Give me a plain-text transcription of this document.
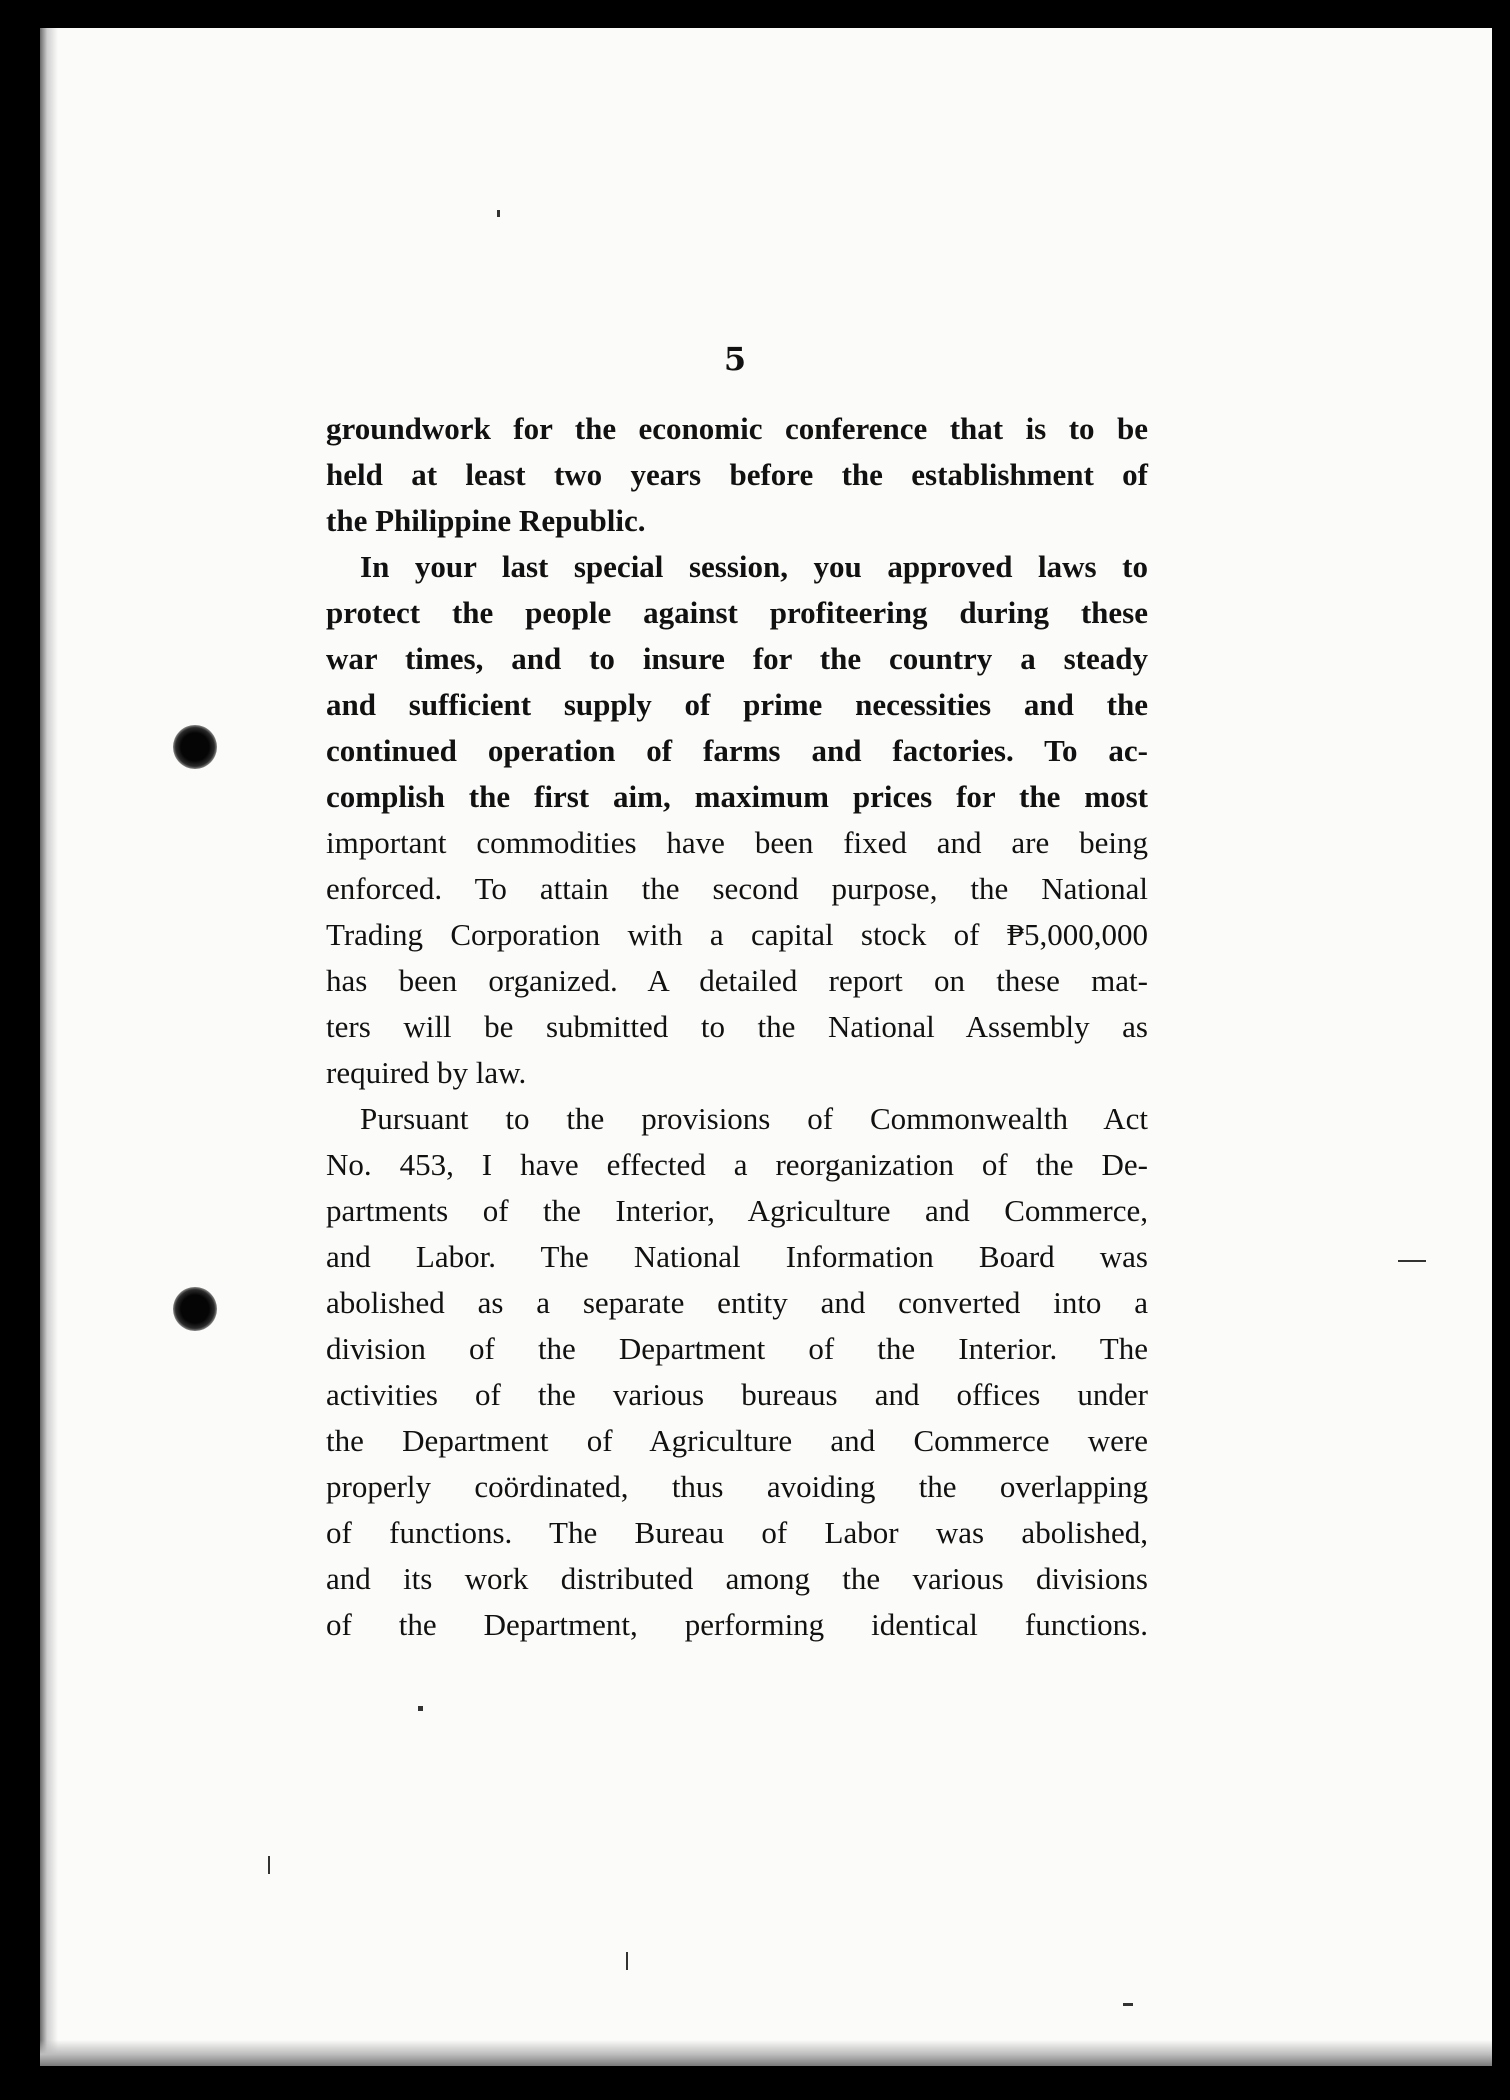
5

groundwork for the economic conference that is to be
held at least two years before the establishment of
the Philippine Republic.

In your last special session, you approved laws to
protect the people against profiteering during these
war times, and to insure for the country a steady
and sufficient supply of prime necessities and the
continued operation of farms and factories. To ac-
complish the first aim, maximum prices for the most
important commodities have been fixed and are being
enforced. To attain the second purpose, the National
Trading Corporation with a capital stock of ₱5,000,000
has been organized. A detailed report on these mat-
ters will be submitted to the National Assembly as
required by law.

Pursuant to the provisions of Commonwealth Act
No. 453, I have effected a reorganization of the De-
partments of the Interior, Agriculture and Commerce,
and Labor. The National Information Board was
abolished as a separate entity and converted into a
division of the Department of the Interior. The
activities of the various bureaus and offices under
the Department of Agriculture and Commerce were
properly coördinated, thus avoiding the overlapping
of functions. The Bureau of Labor was abolished,
and its work distributed among the various divisions
of the Department, performing identical functions.
